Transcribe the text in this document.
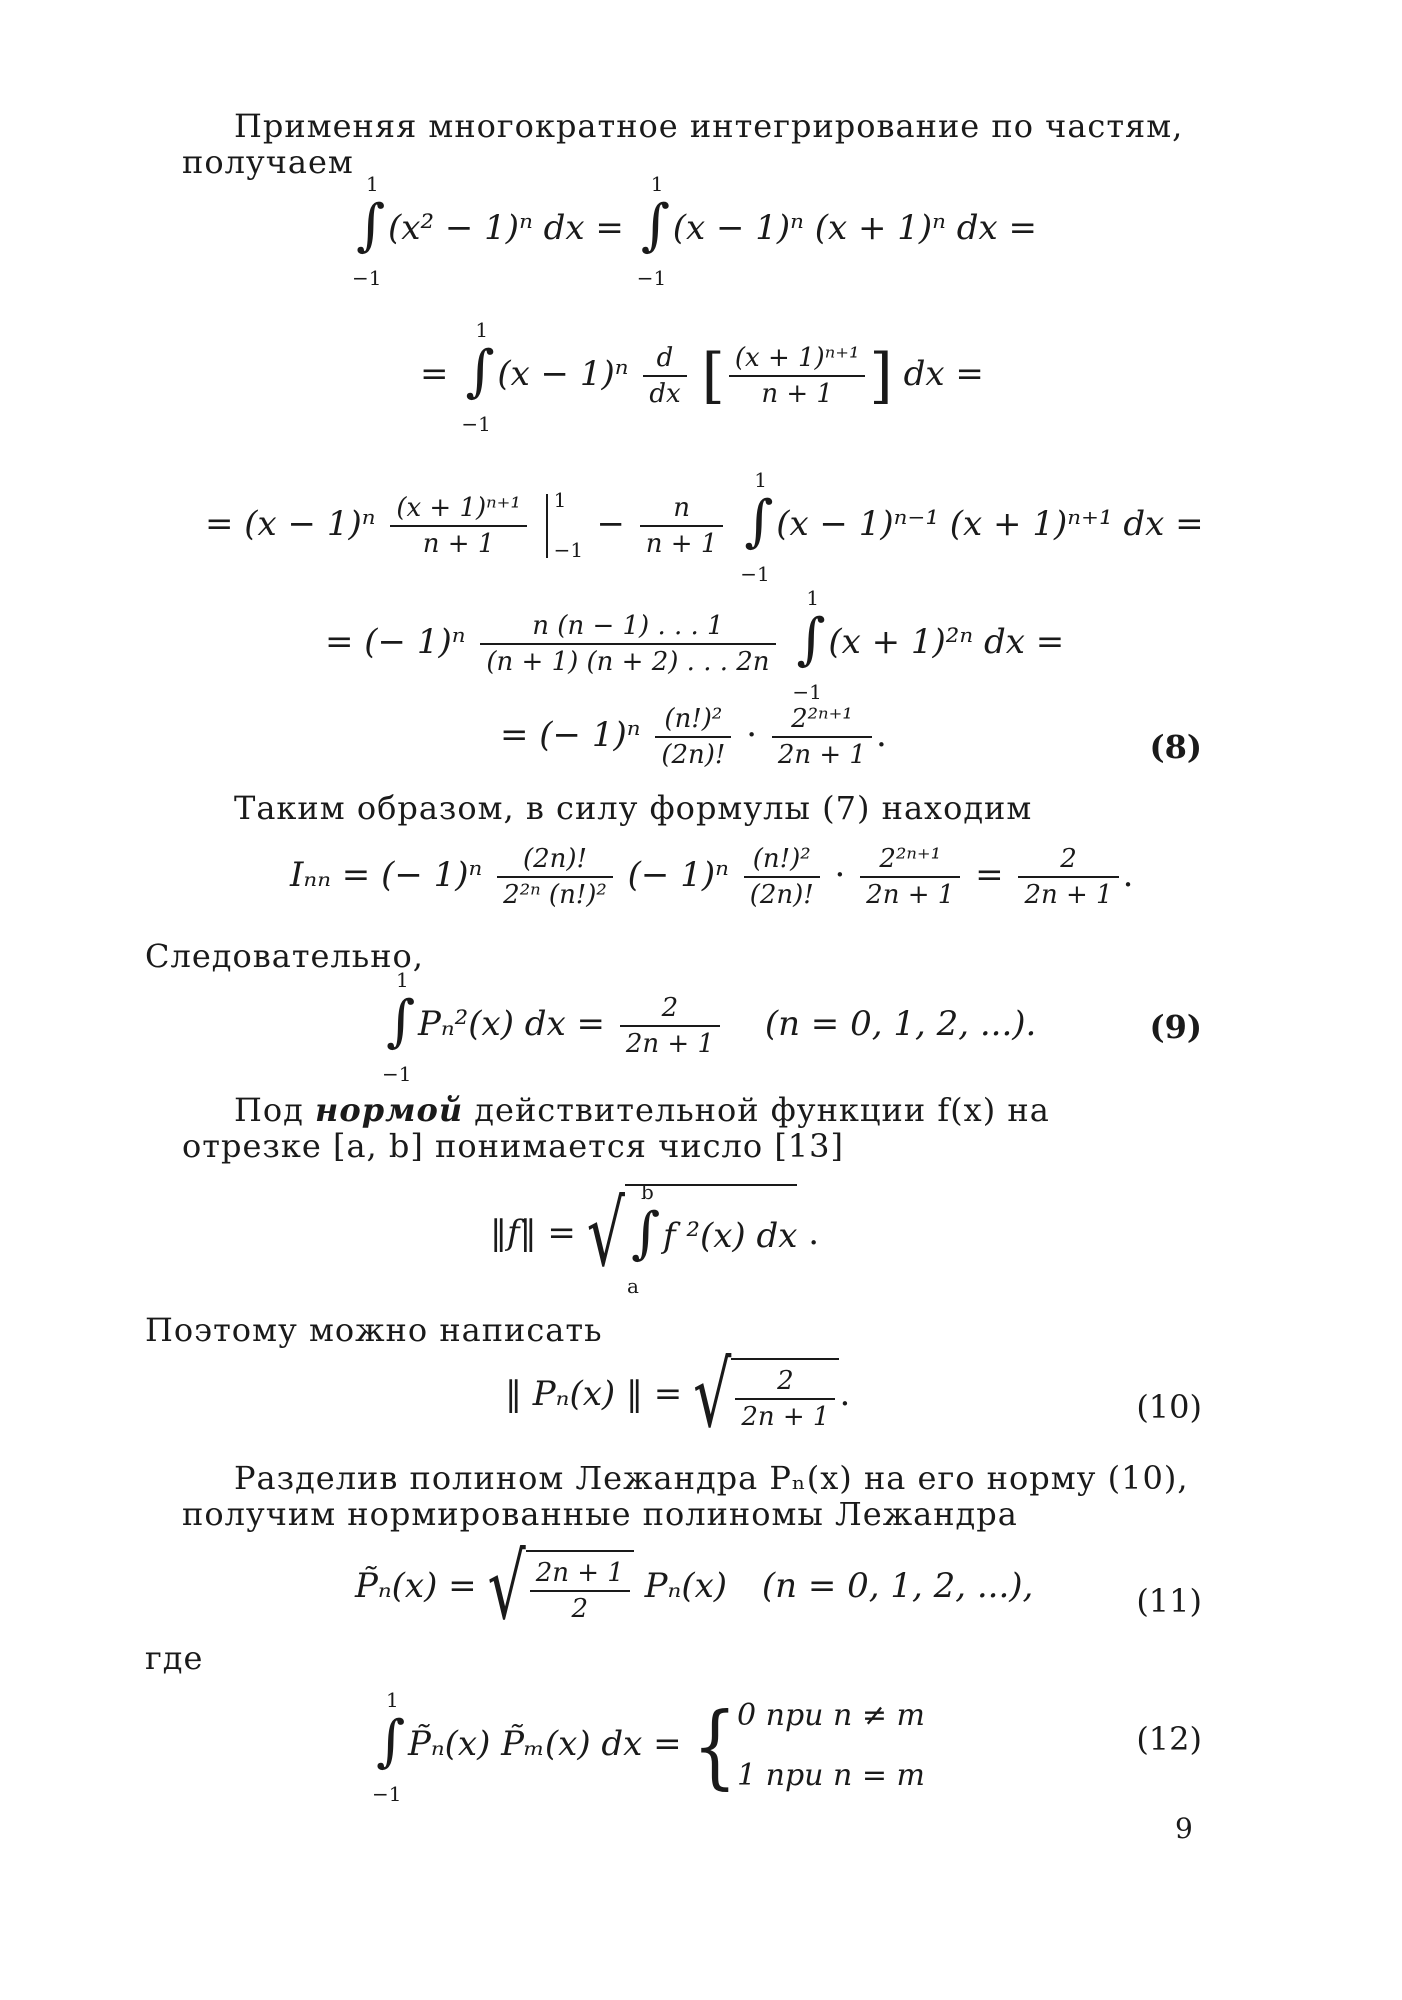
Применяя многократное интегрирование по частям, получаем

1
∫
−1
(x² − 1)ⁿ dx =
1
∫
−1
(x − 1)ⁿ (x + 1)ⁿ dx =
=
1
∫
−1
$(x - 1)^n \frac{d}{dx}$ [ $\frac{\text{(x + 1)ⁿ⁺¹}}{n + 1}$ ] dx =
= $(x - 1)^n \frac{\text{(x + 1)ⁿ⁺¹}}{n + 1}$
1
−1
− $\frac{n}{n + 1}$

1
∫
−1
(x − 1)ⁿ⁻¹ (x + 1)ⁿ⁺¹ dx =
= (− $1)^n \frac{n (n - 1) . . . 1}{(n + 1) (n + 2) . . . 2n}$

1
∫
−1
(x + 1)²ⁿ dx =
= (− $1)^n \frac{\text{(n!)²}}{(2n)!} \cdot \frac{\text{2²ⁿ⁺¹}}{2n + 1}$ .	(8)

Таким образом, в силу формулы (7) находим

Iₙₙ = (− $1)^n \frac{(2n)!}{\text{2²ⁿ (n!)²}}$ (− $1)^n \frac{\text{(n!)²}}{(2n)!} \cdot \frac{\text{2²ⁿ⁺¹}}{2n + 1} = \frac{2}{2n + 1}$ .

Следовательно,

1
∫
−1
Pₙ²(x) dx = $\frac{2}{2n + 1} (n = 0$, 1, 2, ...).	(9)

Под нормой действительной функции f(x) на отрезке [a, b] понимается число [13]

‖f‖ = √ b
∫
a
f ²(x) dx .

Поэтому можно написать

‖ Pₙ(x) ‖ = √ $\frac{2}{2n + 1}$ .	(10)

Разделив полином Лежандра Pₙ(x) на его норму (10), получим нормированные полиномы Лежандра

P̃ₙ(x) = √ $\frac{2n + 1}{2} P_n(x) (n = 0$, 1, 2, ...),	(11)

где

1
∫
−1
P̃ₙ(x) P̃ₘ(x) dx = { 0 при n ≠ m
1 при n = m
(12)
9
